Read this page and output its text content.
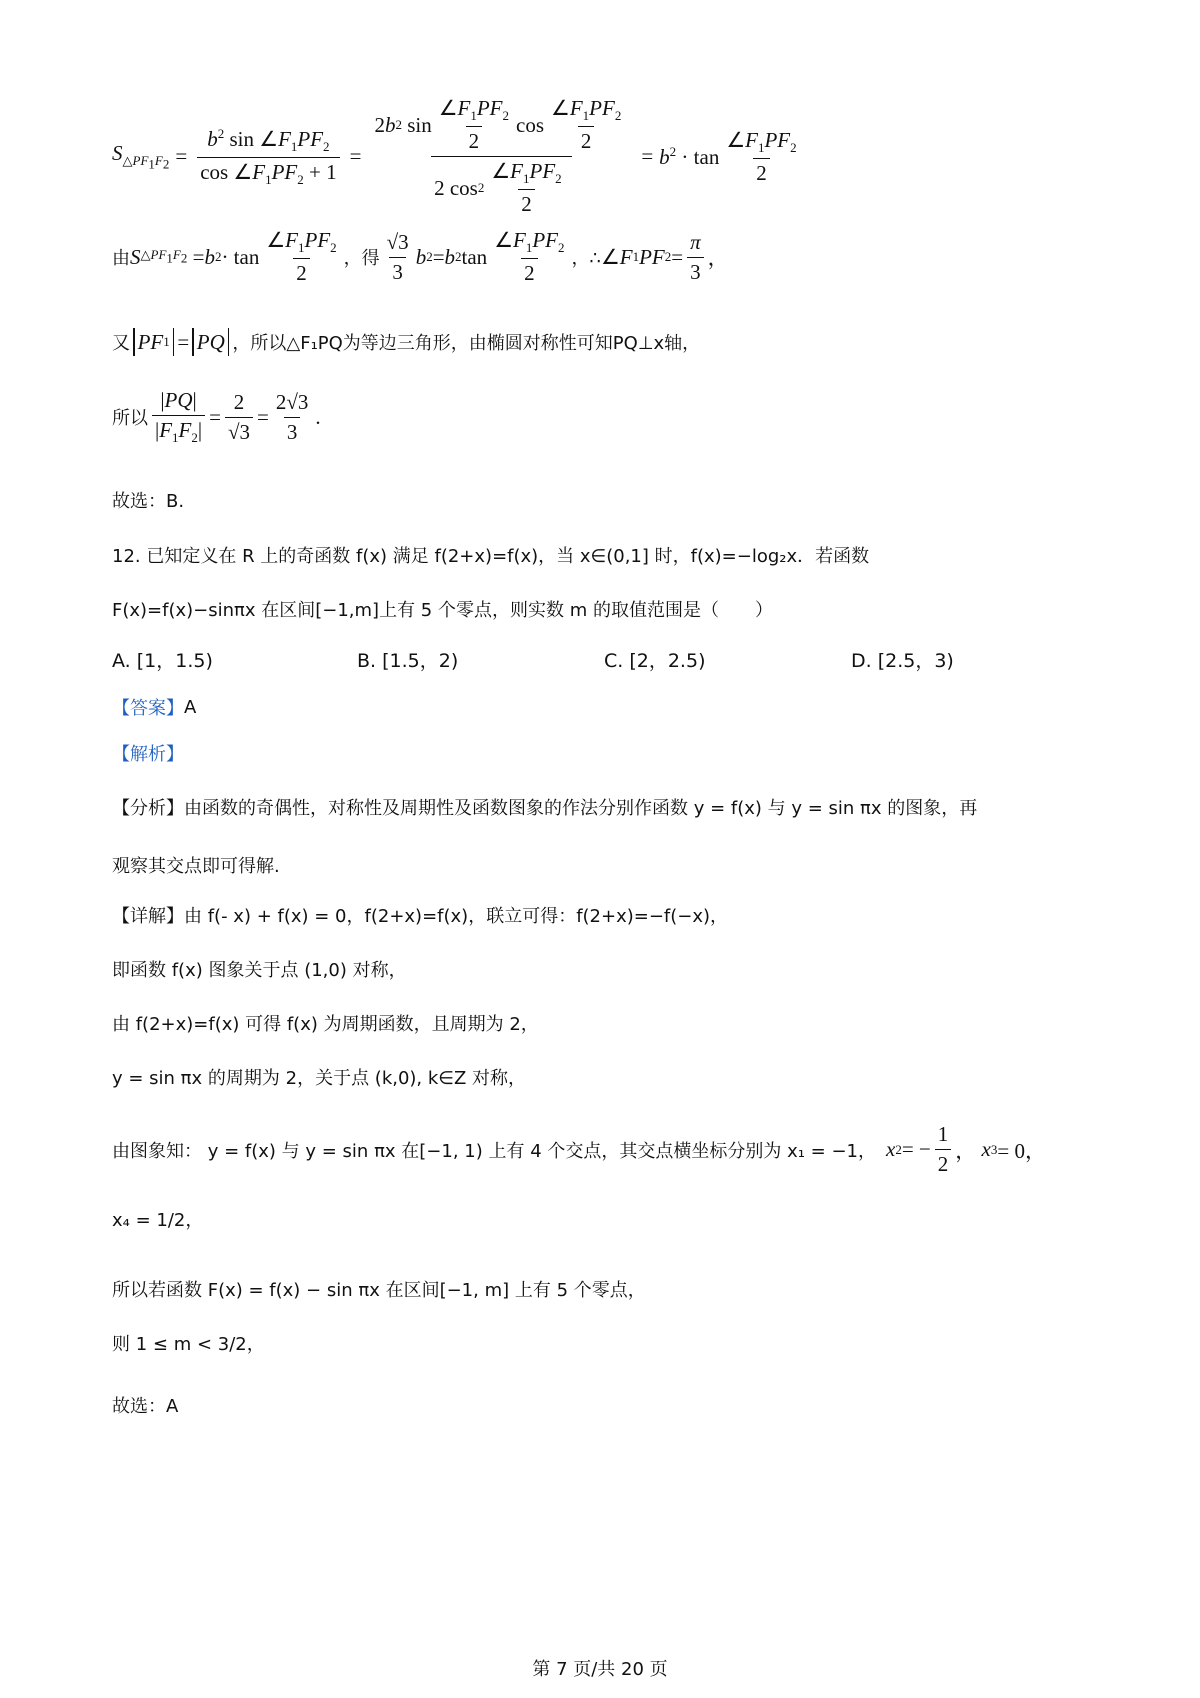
$S_{\triangle PF_1F_2} = \frac{b^2 \sin \angle F_1PF_2}{\cos \angle F_1PF_2 + 1} = \frac{2 b 2 \sin \frac{\angle F_1PF_2}{2} \cos \frac{\angle F_1PF_2}{2}}{2 \cos 2 \frac{\angle F_1PF_2}{2}} = b^2 \cdot \tan \frac{\angle F_1PF_2}{2}$
由 S $\triangle PF_1F_2 = b$ $2 \cdot \tan \frac{\angle F_1PF_2}{2}$ ，得 $\frac{√3}{3}$ b 2 = b 2 $\tan \frac{\angle F_1PF_2}{2}$ ，∴ ∠ F 1 PF $2 = \frac{\pi}{3}$ ，
又 PF 1 = PQ ，所以△F₁PQ为等边三角形，由椭圆对称性可知PQ⊥x轴，
所以 $\frac{|PQ|}{|F_1F_2|} = \frac{2}{√3} = \frac{2√3}{3}$ .
故选：B.
12. 已知定义在 R 上的奇函数 f(x) 满足 f(2+x)=f(x)，当 x∈(0,1] 时，f(x)=−log₂x．若函数
F(x)=f(x)−sinπx 在区间[−1,m]上有 5 个零点，则实数 m 的取值范围是（　　）
A. [1，1.5)	B. [1.5，2)	C. [2，2.5)	D. [2.5，3)
【答案】 A
【解析】
【分析】由函数的奇偶性，对称性及周期性及函数图象的作法分别作函数 y = f(x) 与 y = sin πx 的图象，再
观察其交点即可得解.
【详解】由 f(- x) + f(x) = 0，f(2+x)=f(x)，联立可得：f(2+x)=−f(−x)，
即函数 f(x) 图象关于点 (1,0) 对称，
由 f(2+x)=f(x) 可得 f(x) 为周期函数，且周期为 2，
y = sin πx 的周期为 2，关于点 (k,0), k∈Z 对称，
由图象知： y = f(x) 与 y = sin πx 在[−1, 1) 上有 4 个交点，其交点横坐标分别为 x₁ = −1， x 2 = − $\frac{1}{2}$ ， x 3 = 0，
x₄ = 1/2，
所以若函数 F(x) = f(x) − sin πx 在区间[−1, m] 上有 5 个零点，
则 1 ≤ m < 3/2，
故选：A
第 7 页/共 20 页
